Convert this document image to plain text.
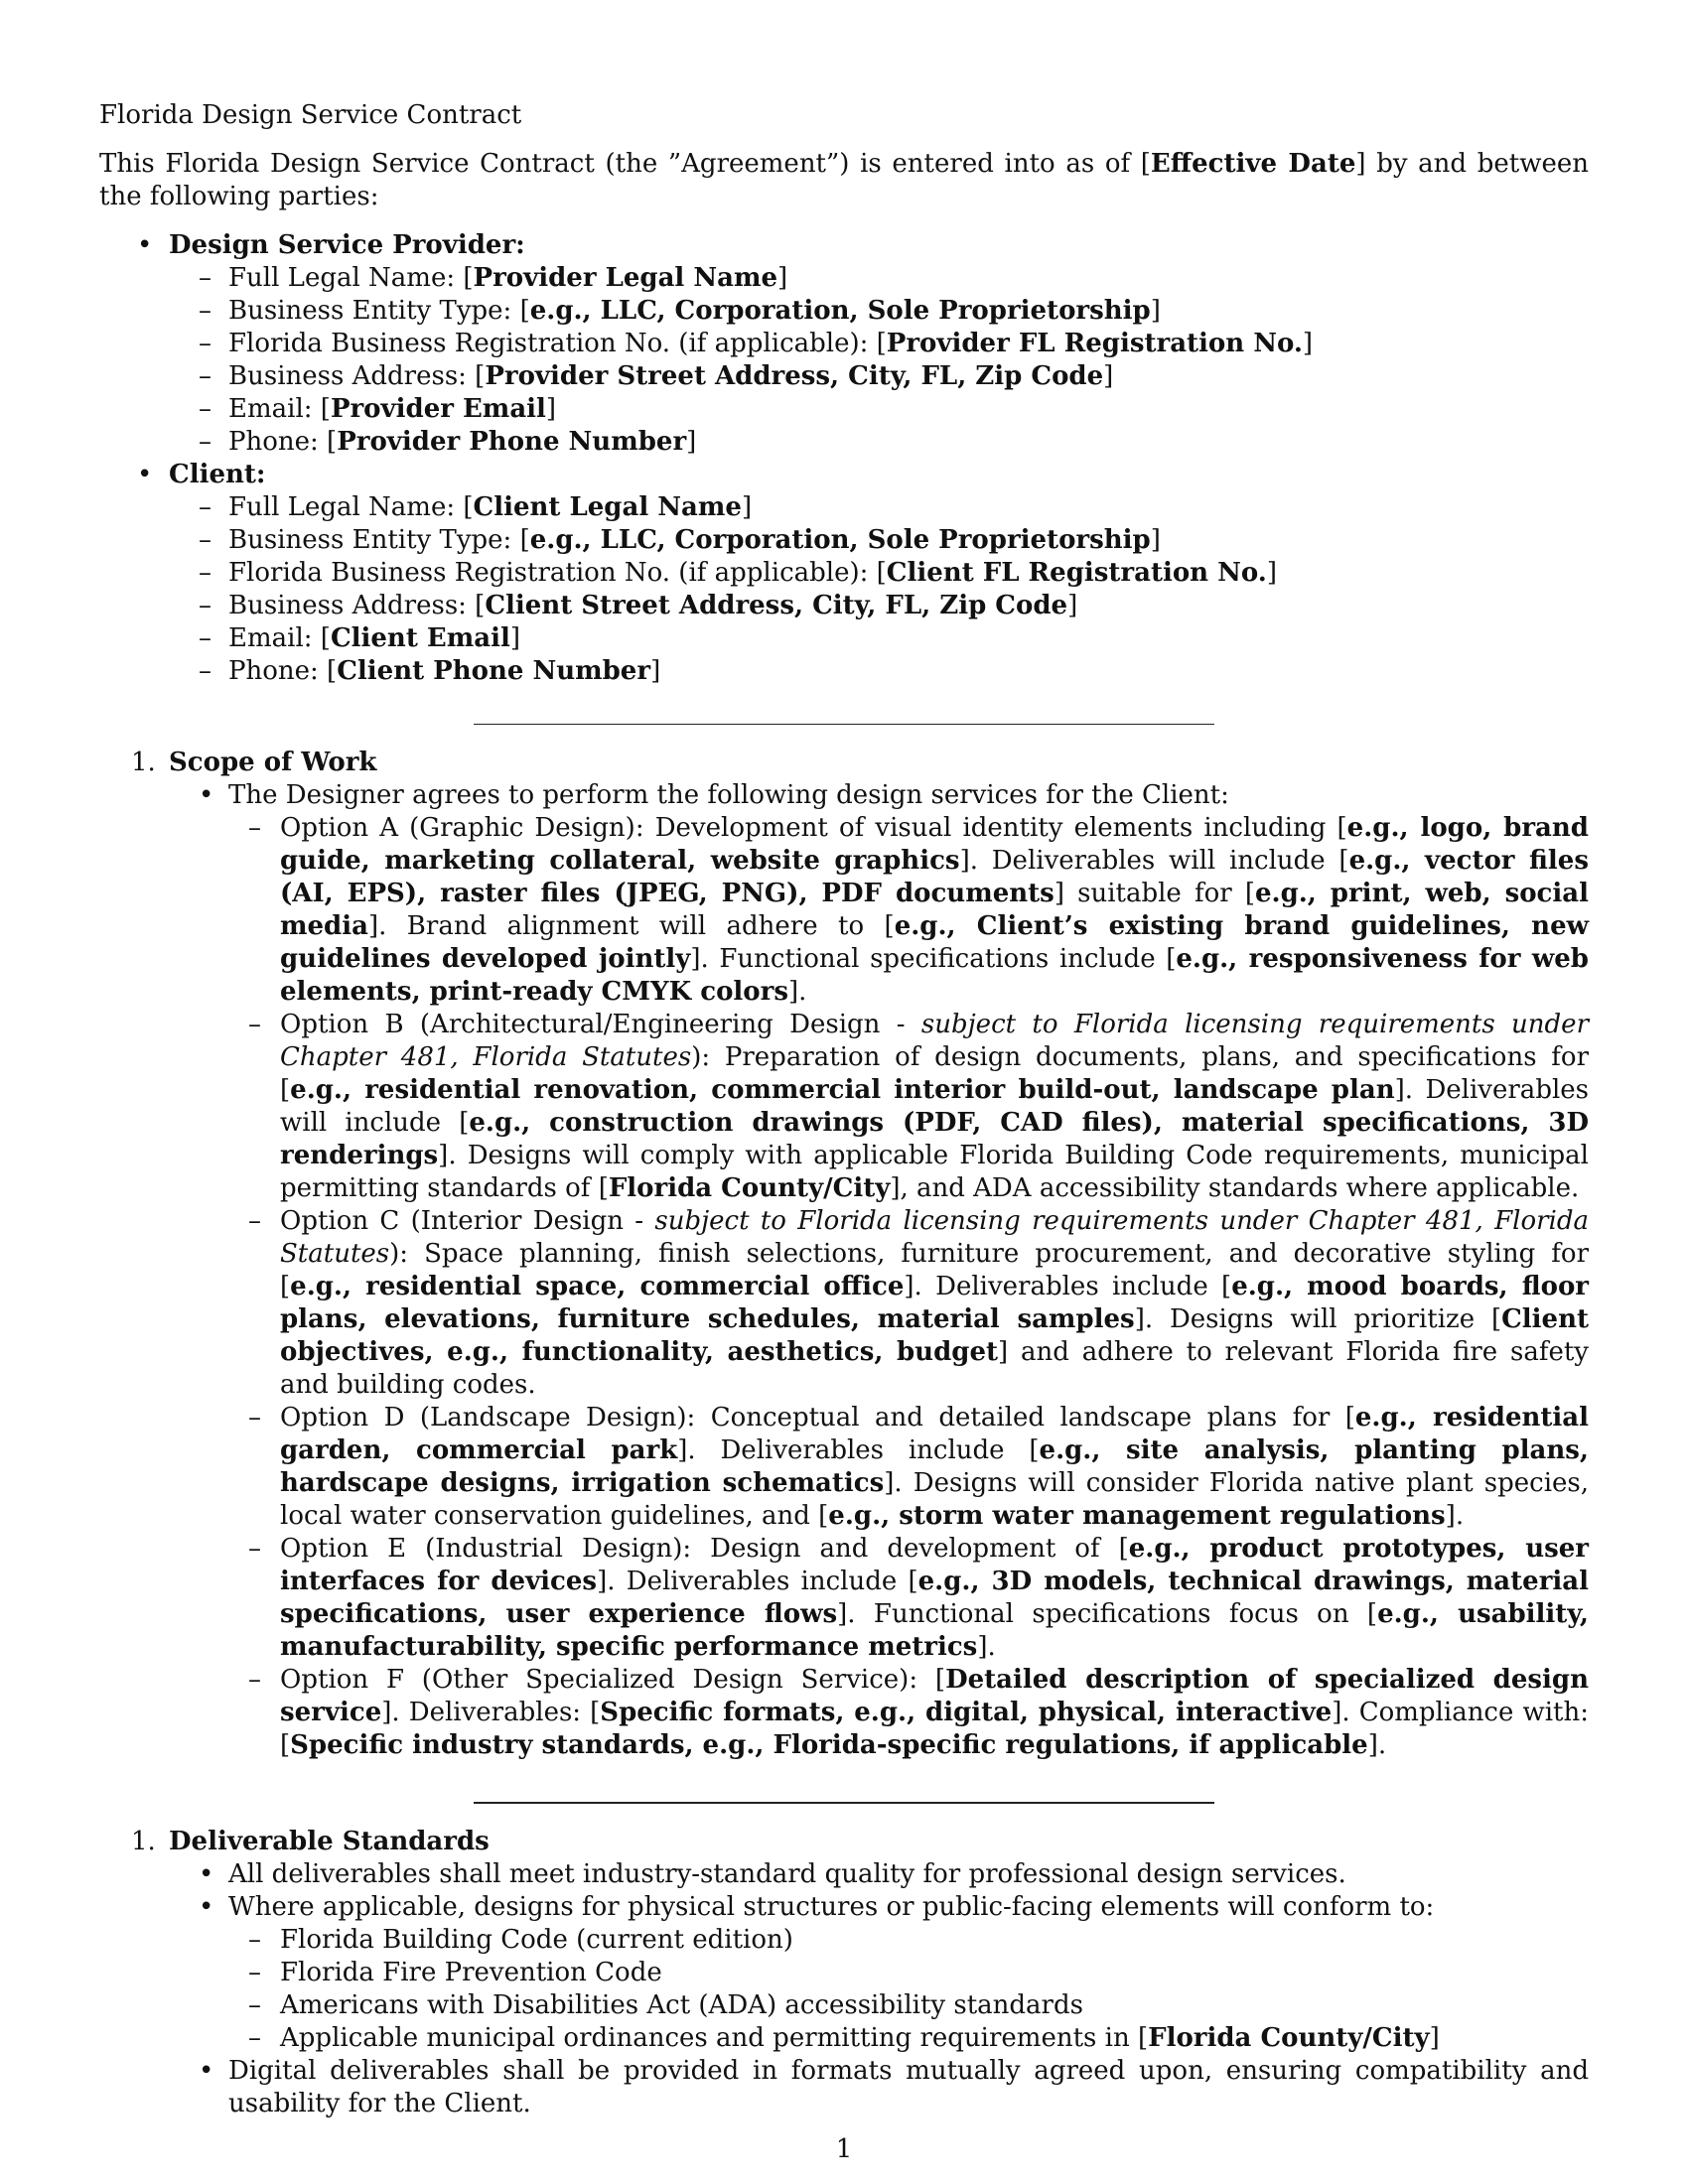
Florida Design Service Contract

This Florida Design Service Contract (the ”Agreement”) is entered into as of [Effective Date] by and between the following parties:

• Design Service Provider:
– Full Legal Name: [Provider Legal Name]
– Business Entity Type: [e.g., LLC, Corporation, Sole Proprietorship]
– Florida Business Registration No. (if applicable): [Provider FL Registration No.]
– Business Address: [Provider Street Address, City, FL, Zip Code]
– Email: [Provider Email]
– Phone: [Provider Phone Number]
• Client:
– Full Legal Name: [Client Legal Name]
– Business Entity Type: [e.g., LLC, Corporation, Sole Proprietorship]
– Florida Business Registration No. (if applicable): [Client FL Registration No.]
– Business Address: [Client Street Address, City, FL, Zip Code]
– Email: [Client Email]
– Phone: [Client Phone Number]
1. Scope of Work
• The Designer agrees to perform the following design services for the Client:
– Option A (Graphic Design): Development of visual identity elements including [e.g., logo, brand guide, marketing collateral, website graphics]. Deliverables will include [e.g., vector files (AI, EPS), raster files (JPEG, PNG), PDF documents] suitable for [e.g., print, web, social media]. Brand alignment will adhere to [e.g., Client’s existing brand guidelines, new guidelines developed jointly]. Functional specifications include [e.g., responsiveness for web elements, print-ready CMYK colors].
– Option B (Architectural/Engineering Design - subject to Florida licensing requirements under Chapter 481, Florida Statutes): Preparation of design documents, plans, and specifications for [e.g., residential renovation, commercial interior build-out, landscape plan]. Deliverables will include [e.g., construction drawings (PDF, CAD files), material specifications, 3D renderings]. Designs will comply with applicable Florida Building Code requirements, municipal permitting standards of [Florida County/City], and ADA accessibility standards where applicable.
– Option C (Interior Design - subject to Florida licensing requirements under Chapter 481, Florida Statutes): Space planning, finish selections, furniture procurement, and decorative styling for [e.g., residential space, commercial office]. Deliverables include [e.g., mood boards, floor plans, elevations, furniture schedules, material samples]. Designs will prioritize [Client objectives, e.g., functionality, aesthetics, budget] and adhere to relevant Florida fire safety and building codes.
– Option D (Landscape Design): Conceptual and detailed landscape plans for [e.g., residential garden, commercial park]. Deliverables include [e.g., site analysis, planting plans, hardscape designs, irrigation schematics]. Designs will consider Florida native plant species, local water conservation guidelines, and [e.g., storm water management regulations].
– Option E (Industrial Design): Design and development of [e.g., product prototypes, user interfaces for devices]. Deliverables include [e.g., 3D models, technical drawings, material specifications, user experience flows]. Functional specifications focus on [e.g., usability, manufacturability, specific performance metrics].
– Option F (Other Specialized Design Service): [Detailed description of specialized design service]. Deliverables: [Specific formats, e.g., digital, physical, interactive]. Compliance with: [Specific industry standards, e.g., Florida-specific regulations, if applicable].
1. Deliverable Standards
• All deliverables shall meet industry-standard quality for professional design services.
• Where applicable, designs for physical structures or public-facing elements will conform to:
– Florida Building Code (current edition)
– Florida Fire Prevention Code
– Americans with Disabilities Act (ADA) accessibility standards
– Applicable municipal ordinances and permitting requirements in [Florida County/City]
• Digital deliverables shall be provided in formats mutually agreed upon, ensuring compatibility and usability for the Client.
1
